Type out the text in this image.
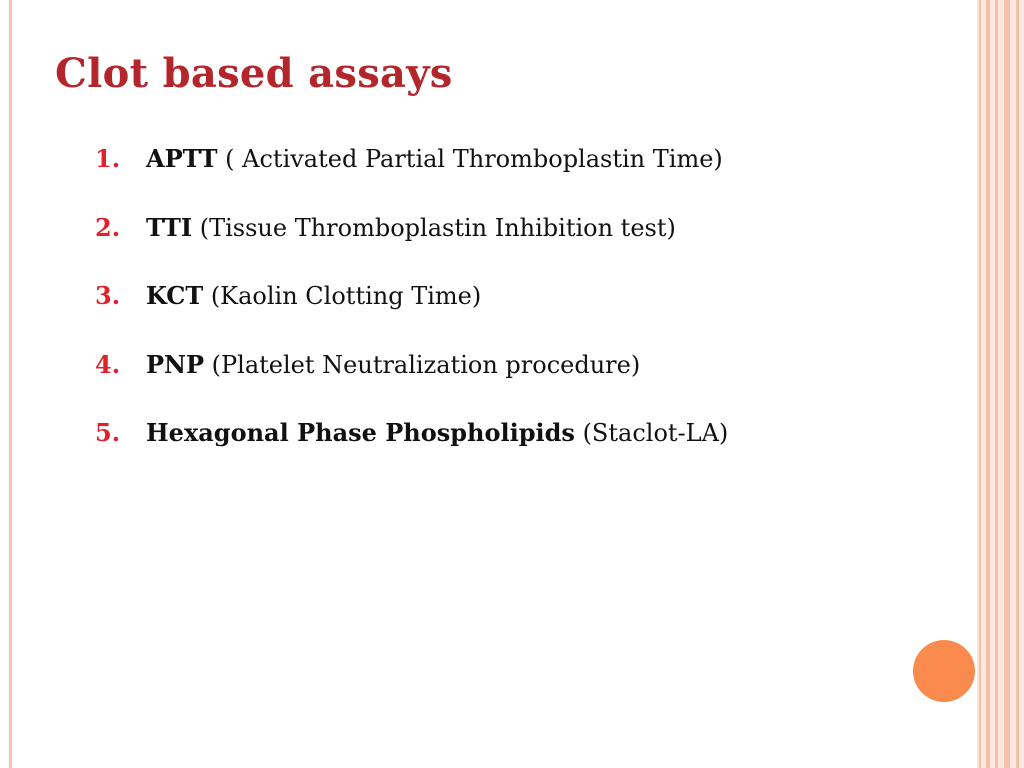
Clot based assays
1. APTT ( Activated Partial Thromboplastin Time)
2. TTI (Tissue Thromboplastin Inhibition test)
3. KCT (Kaolin Clotting Time)
4. PNP (Platelet Neutralization procedure)
5. Hexagonal Phase Phospholipids (Staclot-LA)
